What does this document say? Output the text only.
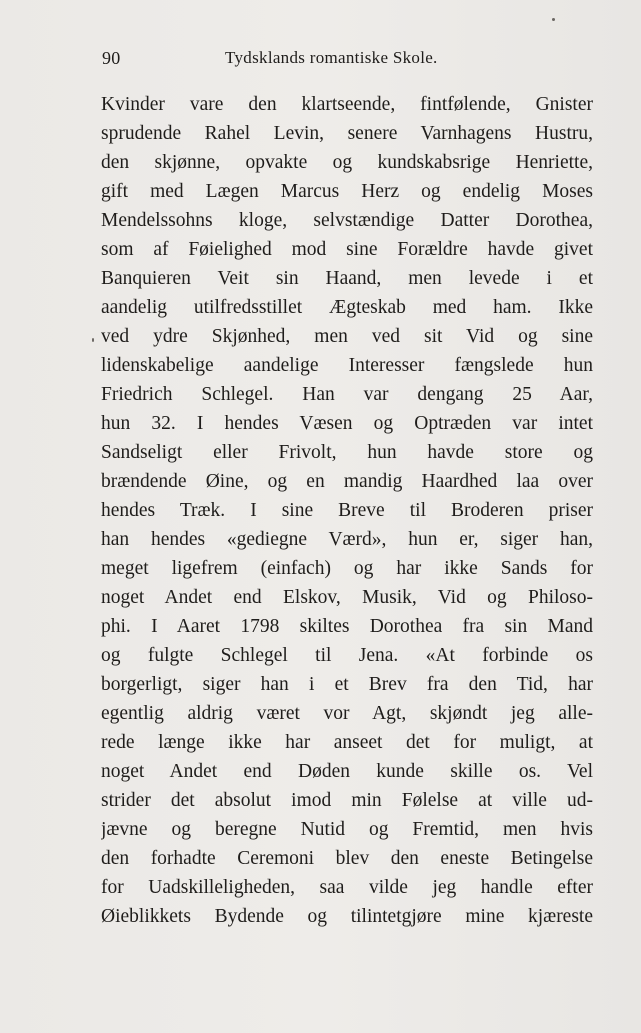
90	Tydsklands romantiske Skole.
Kvinder vare den klartseende, fintfølende, Gnister
sprudende Rahel Levin, senere Varnhagens Hustru,
den skjønne, opvakte og kundskabsrige Henriette,
gift med Lægen Marcus Herz og endelig Moses
Mendelssohns kloge, selvstændige Datter Dorothea,
som af Føielighed mod sine Forældre havde givet
Banquieren Veit sin Haand, men levede i et
aandelig utilfredsstillet Ægteskab med ham. Ikke
ved ydre Skjønhed, men ved sit Vid og sine
lidenskabelige aandelige Interesser fængslede hun
Friedrich Schlegel. Han var dengang 25 Aar,
hun 32. I hendes Væsen og Optræden var intet
Sandseligt eller Frivolt, hun havde store og
brændende Øine, og en mandig Haardhed laa over
hendes Træk. I sine Breve til Broderen priser
han hendes «gediegne Værd», hun er, siger han,
meget ligefrem (einfach) og har ikke Sands for
noget Andet end Elskov, Musik, Vid og Philoso-
phi. I Aaret 1798 skiltes Dorothea fra sin Mand
og fulgte Schlegel til Jena. «At forbinde os
borgerligt, siger han i et Brev fra den Tid, har
egentlig aldrig været vor Agt, skjøndt jeg alle-
rede længe ikke har anseet det for muligt, at
noget Andet end Døden kunde skille os. Vel
strider det absolut imod min Følelse at ville ud-
jævne og beregne Nutid og Fremtid, men hvis
den forhadte Ceremoni blev den eneste Betingelse
for Uadskilleligheden, saa vilde jeg handle efter
Øieblikkets Bydende og tilintetgjøre mine kjæreste
